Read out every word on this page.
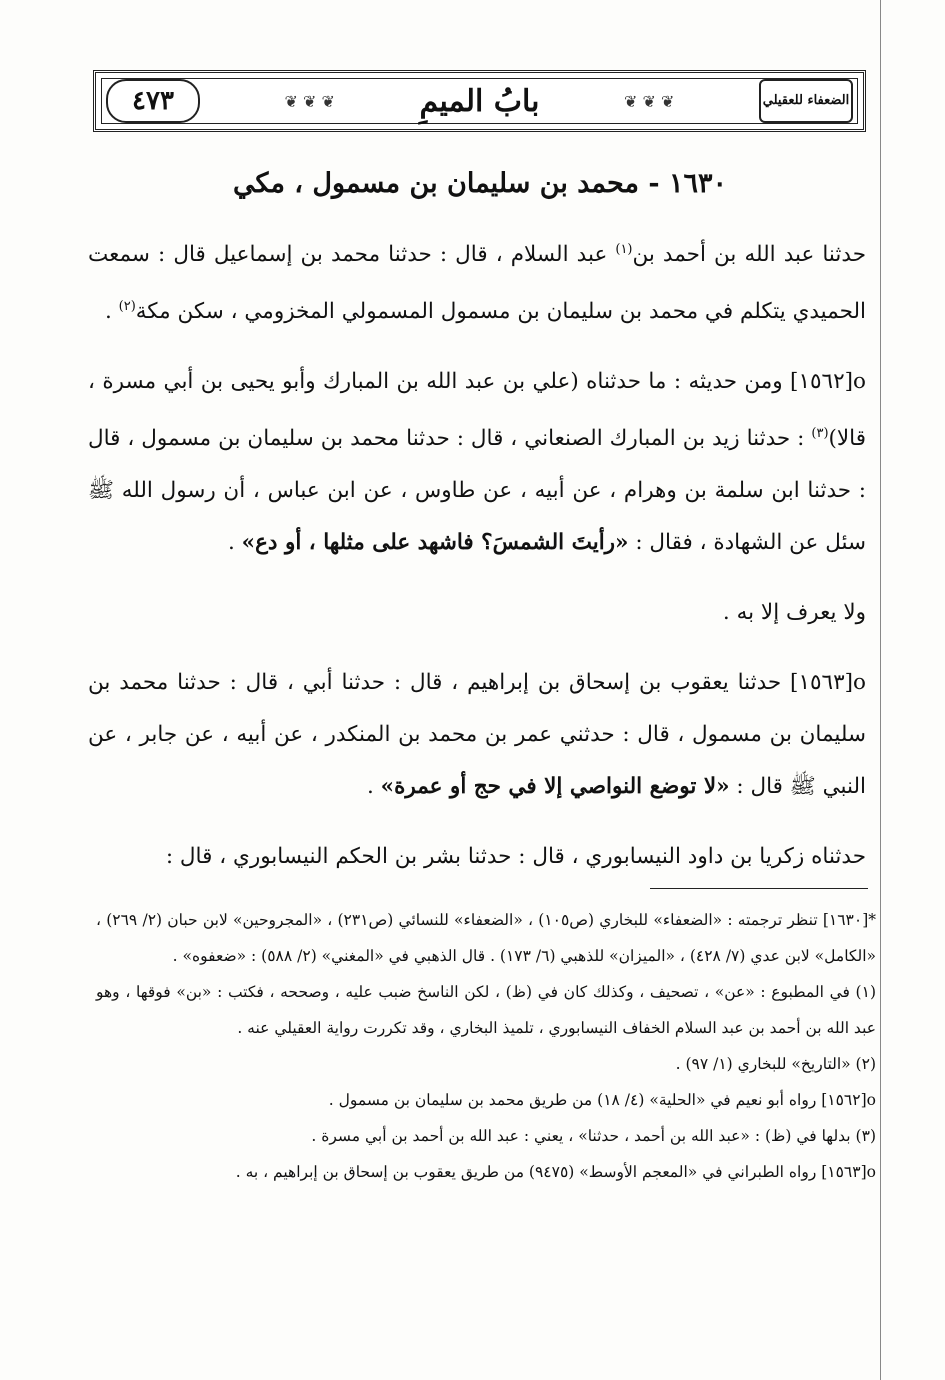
٤٧٣	❦ ❦ ❦	بابُ الميمِ	❦ ❦ ❦	الضعفاء للعقيلي
١٦٣٠ - محمد بن سليمان بن مسمول ، مكي

حدثنا عبد الله بن أحمد بن$^{(١)}$ عبد السلام ، قال : حدثنا محمد بن إسماعيل قال : سمعت الحميدي يتكلم في محمد بن سليمان بن مسمول المسمولي المخزومي ، سكن مكة$^{(٢)}$ .

o[١٥٦٢] ومن حديثه : ما حدثناه (علي بن عبد الله بن المبارك وأبو يحيى بن أبي مسرة ، قالا)$^{(٣)}$ : حدثنا زيد بن المبارك الصنعاني ، قال : حدثنا محمد بن سليمان بن مسمول ، قال : حدثنا ابن سلمة بن وهرام ، عن أبيه ، عن طاوس ، عن ابن عباس ، أن رسول الله ﷺ سئل عن الشهادة ، فقال : «رأيتَ الشمسَ؟ فاشهد على مثلها ، أو دع» .

ولا يعرف إلا به .

o[١٥٦٣] حدثنا يعقوب بن إسحاق بن إبراهيم ، قال : حدثنا أبي ، قال : حدثنا محمد بن سليمان بن مسمول ، قال : حدثني عمر بن محمد بن المنكدر ، عن أبيه ، عن جابر ، عن النبي ﷺ قال : «لا توضع النواصي إلا في حج أو عمرة» .

حدثناه زكريا بن داود النيسابوري ، قال : حدثنا بشر بن الحكم النيسابوري ، قال :

*[١٦٣٠] تنظر ترجمته : «الضعفاء» للبخاري (ص١٠٥) ، «الضعفاء» للنسائي (ص٢٣١) ، «المجروحين» لابن حبان (٢/ ٢٦٩) ، «الكامل» لابن عدي (٧/ ٤٢٨) ، «الميزان» للذهبي (٦/ ١٧٣) . قال الذهبي في «المغني» (٢/ ٥٨٨) : «ضعفوه» .

(١) في المطبوع : «عن» ، تصحيف ، وكذلك كان في (ظ) ، لكن الناسخ ضبب عليه ، وصححه ، فكتب : «بن» فوقها ، وهو عبد الله بن أحمد بن عبد السلام الخفاف النيسابوري ، تلميذ البخاري ، وقد تكررت رواية العقيلي عنه .

(٢) «التاريخ» للبخاري (١/ ٩٧) .

o[١٥٦٢] رواه أبو نعيم في «الحلية» (٤/ ١٨) من طريق محمد بن سليمان بن مسمول .

(٣) بدلها في (ظ) : «عبد الله بن أحمد ، حدثنا» ، يعني : عبد الله بن أحمد بن أبي مسرة .

o[١٥٦٣] رواه الطبراني في «المعجم الأوسط» (٩٤٧٥) من طريق يعقوب بن إسحاق بن إبراهيم ، به .
